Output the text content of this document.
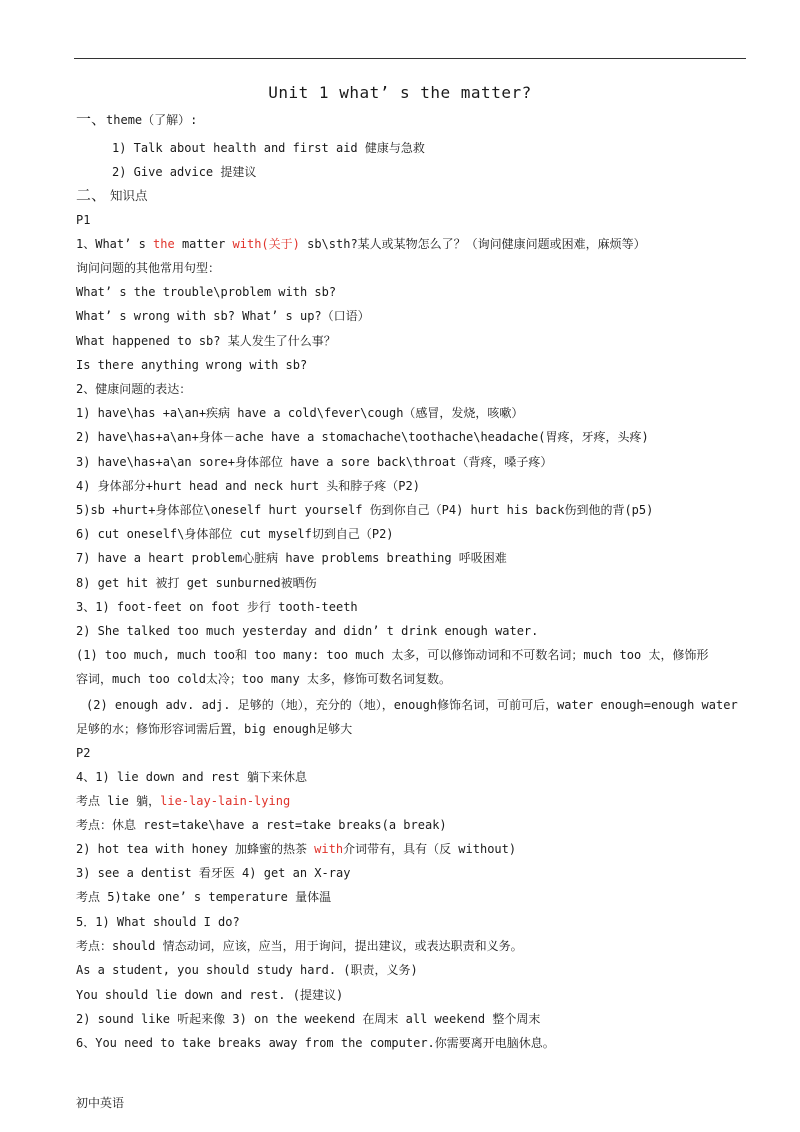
Unit 1 what’ s the matter?
一、theme（了解）:
1) Talk about health and first aid 健康与急救
2) Give advice 提建议
二、 知识点
P1
1、What’ s the matter with(关于) sb\sth?某人或某物怎么了？（询问健康问题或困难，麻烦等）
询问问题的其他常用句型：
What’ s the trouble\problem with sb?
What’ s wrong with sb? What’ s up?（口语）
What happened to sb? 某人发生了什么事？
Is there anything wrong with sb?
2、健康问题的表达：
1) have\has +a\an+疾病 have a cold\fever\cough（感冒，发烧，咳嗽）
2) have\has+a\an+身体－ache have a stomachache\toothache\headache(胃疼，牙疼，头疼)
3) have\has+a\an sore+身体部位 have a sore back\throat（背疼，嗓子疼）
4) 身体部分+hurt head and neck hurt 头和脖子疼（P2)
5)sb +hurt+身体部位\oneself hurt yourself 伤到你自己（P4) hurt his back伤到他的背(p5)
6) cut oneself\身体部位 cut myself切到自己（P2)
7) have a heart problem心脏病 have problems breathing 呼吸困难
8) get hit 被打 get sunburned被晒伤
3、1) foot-feet on foot 步行 tooth-teeth
2) She talked too much yesterday and didn’ t drink enough water.
(1) too much, much too和 too many: too much 太多，可以修饰动词和不可数名词；much too 太，修饰形
容词，much too cold太冷；too many 太多，修饰可数名词复数。
(2) enough adv. adj. 足够的（地），充分的（地），enough修饰名词，可前可后，water enough=enough water
足够的水；修饰形容词需后置，big enough足够大
P2
4、1) lie down and rest 躺下来休息
考点 lie 躺，lie-lay-lain-lying
考点：休息 rest=take\have a rest=take breaks(a break)
2) hot tea with honey 加蜂蜜的热茶 with介词带有，具有（反 without)
3) see a dentist 看牙医 4) get an X-ray
考点 5)take one’ s temperature 量体温
5．1) What should I do?
考点：should 情态动词，应该，应当，用于询问，提出建议，或表达职责和义务。
As a student, you should study hard. (职责，义务)
You should lie down and rest. (提建议)
2) sound like 听起来像 3) on the weekend 在周末 all weekend 整个周末
6、You need to take breaks away from the computer.你需要离开电脑休息。
初中英语
